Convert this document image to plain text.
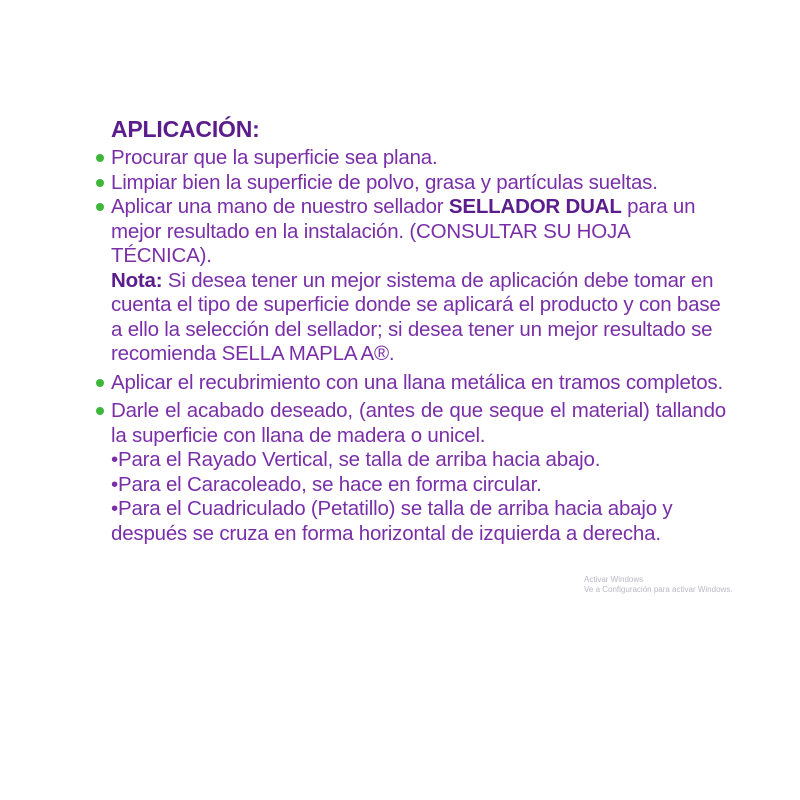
APLICACIÓN:
Procurar que la superficie sea plana.
Limpiar bien la superficie de polvo, grasa y partículas sueltas.
Aplicar una mano de nuestro sellador SELLADOR DUAL para un mejor resultado en la instalación. (CONSULTAR SU HOJA TÉCNICA).
Nota: Si desea tener un mejor sistema de aplicación debe tomar en cuenta el tipo de superficie donde se aplicará el producto y con base a ello la selección del sellador; si desea tener un mejor resultado se recomienda SELLA MAPLA A®.
Aplicar el recubrimiento con una llana metálica en tramos completos.
Darle el acabado deseado, (antes de que seque el material) tallando la superficie con llana de madera o unicel.
•Para el Rayado Vertical, se talla de arriba hacia abajo.
•Para el Caracoleado, se hace en forma circular.
•Para el Cuadriculado (Petatillo) se talla de arriba hacia abajo y después se cruza en forma horizontal de izquierda a derecha.
Activar Windows
Ve a Configuración para activar Windows.
